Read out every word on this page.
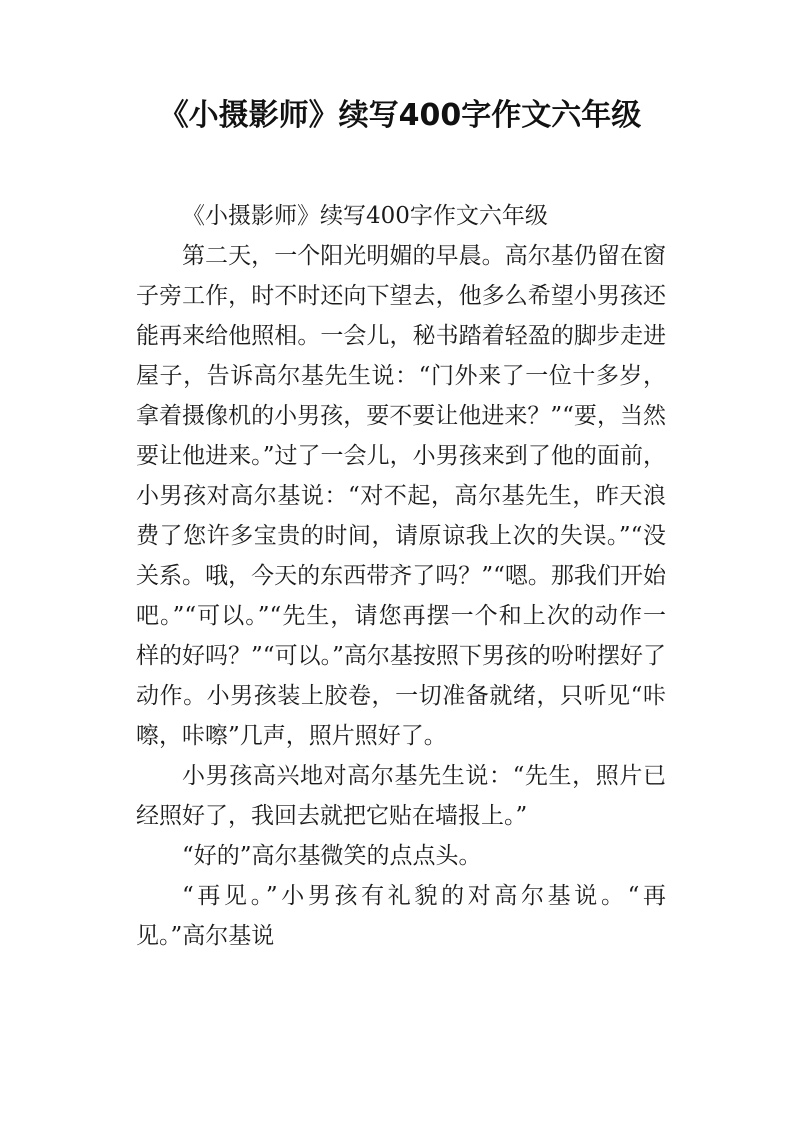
《小摄影师》续写400字作文六年级

《小摄影师》续写400字作文六年级

第二天，一个阳光明媚的早晨。高尔基仍留在窗子旁工作，时不时还向下望去，他多么希望小男孩还能再来给他照相。一会儿，秘书踏着轻盈的脚步走进屋子，告诉高尔基先生说：“门外来了一位十多岁，拿着摄像机的小男孩，要不要让他进来？”“要，当然要让他进来。”过了一会儿，小男孩来到了他的面前，小男孩对高尔基说：“对不起，高尔基先生，昨天浪费了您许多宝贵的时间，请原谅我上次的失误。”“没关系。哦，今天的东西带齐了吗？”“嗯。那我们开始吧。”“可以。”“先生，请您再摆一个和上次的动作一样的好吗？”“可以。”高尔基按照下男孩的吩咐摆好了动作。小男孩装上胶卷，一切准备就绪，只听见“咔嚓，咔嚓”几声，照片照好了。

小男孩高兴地对高尔基先生说：“先生，照片已经照好了，我回去就把它贴在墙报上。”

“好的”高尔基微笑的点点头。

“再见。”小男孩有礼貌的对高尔基说。“再见。”高尔基说
